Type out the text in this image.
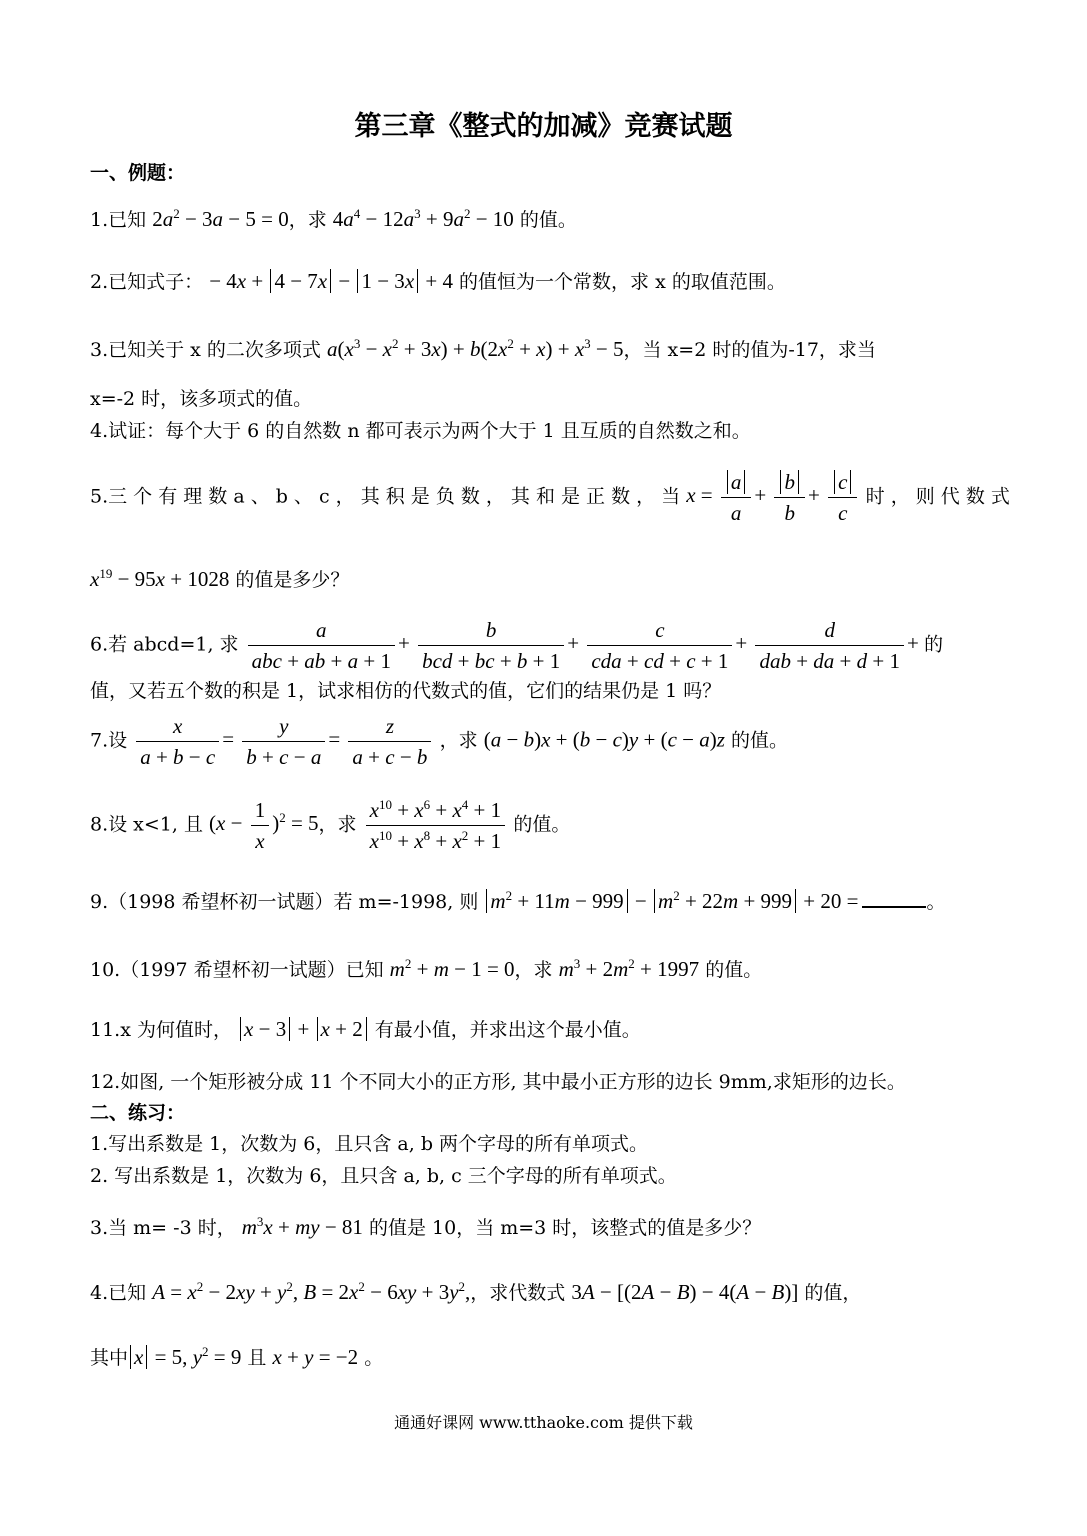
第三章《整式的加减》竞赛试题
一、例题：
1.已知 $2a^2 - 3a - 5 = 0$，求 $4a^4 - 12a^3 + 9a^2 - 10$ 的值。
2.已知式子： − 4x + 4 − 7x − 1 − 3x + 4 的值恒为一个常数，求 x 的取值范围。
3.已知关于 x 的二次多项式 $a(x^3 - x^2 + 3x) + b(2x^2 + x) + x^3 - 5$，当 x=2 时的值为-17，求当
x=-2 时，该多项式的值。
4.试证：每个大于 6 的自然数 n 都可表示为两个大于 1 且互质的自然数之和。
5.三 个 有 理 数 a 、 b 、 c ， 其 积 是 负 数 ， 其 和 是 正 数 ， 当 $x = \frac{a}{a} + \frac{b}{b} + \frac{c}{c}$ 时 ， 则 代 数 式
$x^{19} - 95x + 1028$ 的值是多少？
6.若 abcd=1, 求 $\frac{a}{\text{abc + ab + a + 1}} + \frac{b}{\text{bcd + bc + b + 1}} + \frac{c}{\text{cda + cd + c + 1}} + \frac{d}{\text{dab + da + d + 1}}$ + 的
值，又若五个数的积是 1，试求相仿的代数式的值，它们的结果仍是 1 吗？
7.设 $\frac{x}{a + b - c} = \frac{y}{b + c - a} = \frac{z}{a + c - b}$ ，求 (a − b)x + (b − c)y + (c − a)z 的值。
8.设 x<1, 且 $(x - \frac{1}{x} )^2 = 5$，求 $\frac{x^{10} + x^6 + x^4 + 1}{x^{10} + x^8 + x^2 + 1}$ 的值。
9.（1998 希望杯初一试题）若 m=-1998, 则 $m^2 + 11m - 999 - m^2 + 22m + 999 + 20$ =	。
10.（1997 希望杯初一试题）已知 $m^2 + m - 1 = 0$，求 $m^3 + 2m^2 + 1997$ 的值。
11.x 为何值时， x − 3 + x + 2 有最小值，并求出这个最小值。
12.如图, 一个矩形被分成 11 个不同大小的正方形, 其中最小正方形的边长 9mm,求矩形的边长。
二、练习：
1.写出系数是 1，次数为 6，且只含 a, b 两个字母的所有单项式。
2. 写出系数是 1，次数为 6，且只含 a, b, c 三个字母的所有单项式。
3.当 m= -3 时， $m^3x$ + my − 81 的值是 10，当 m=3 时，该整式的值是多少？
4.已知 $A = x^2 - 2xy + y^2$, $B = 2x^2 - 6xy + 3y^2$,，求代数式 3A − [(2A − B) − 4(A − B)] 的值，
其中 x = 5, $y^2 = 9$ 且 x + y = −2 。
通通好课网 www.tthaoke.com 提供下载
